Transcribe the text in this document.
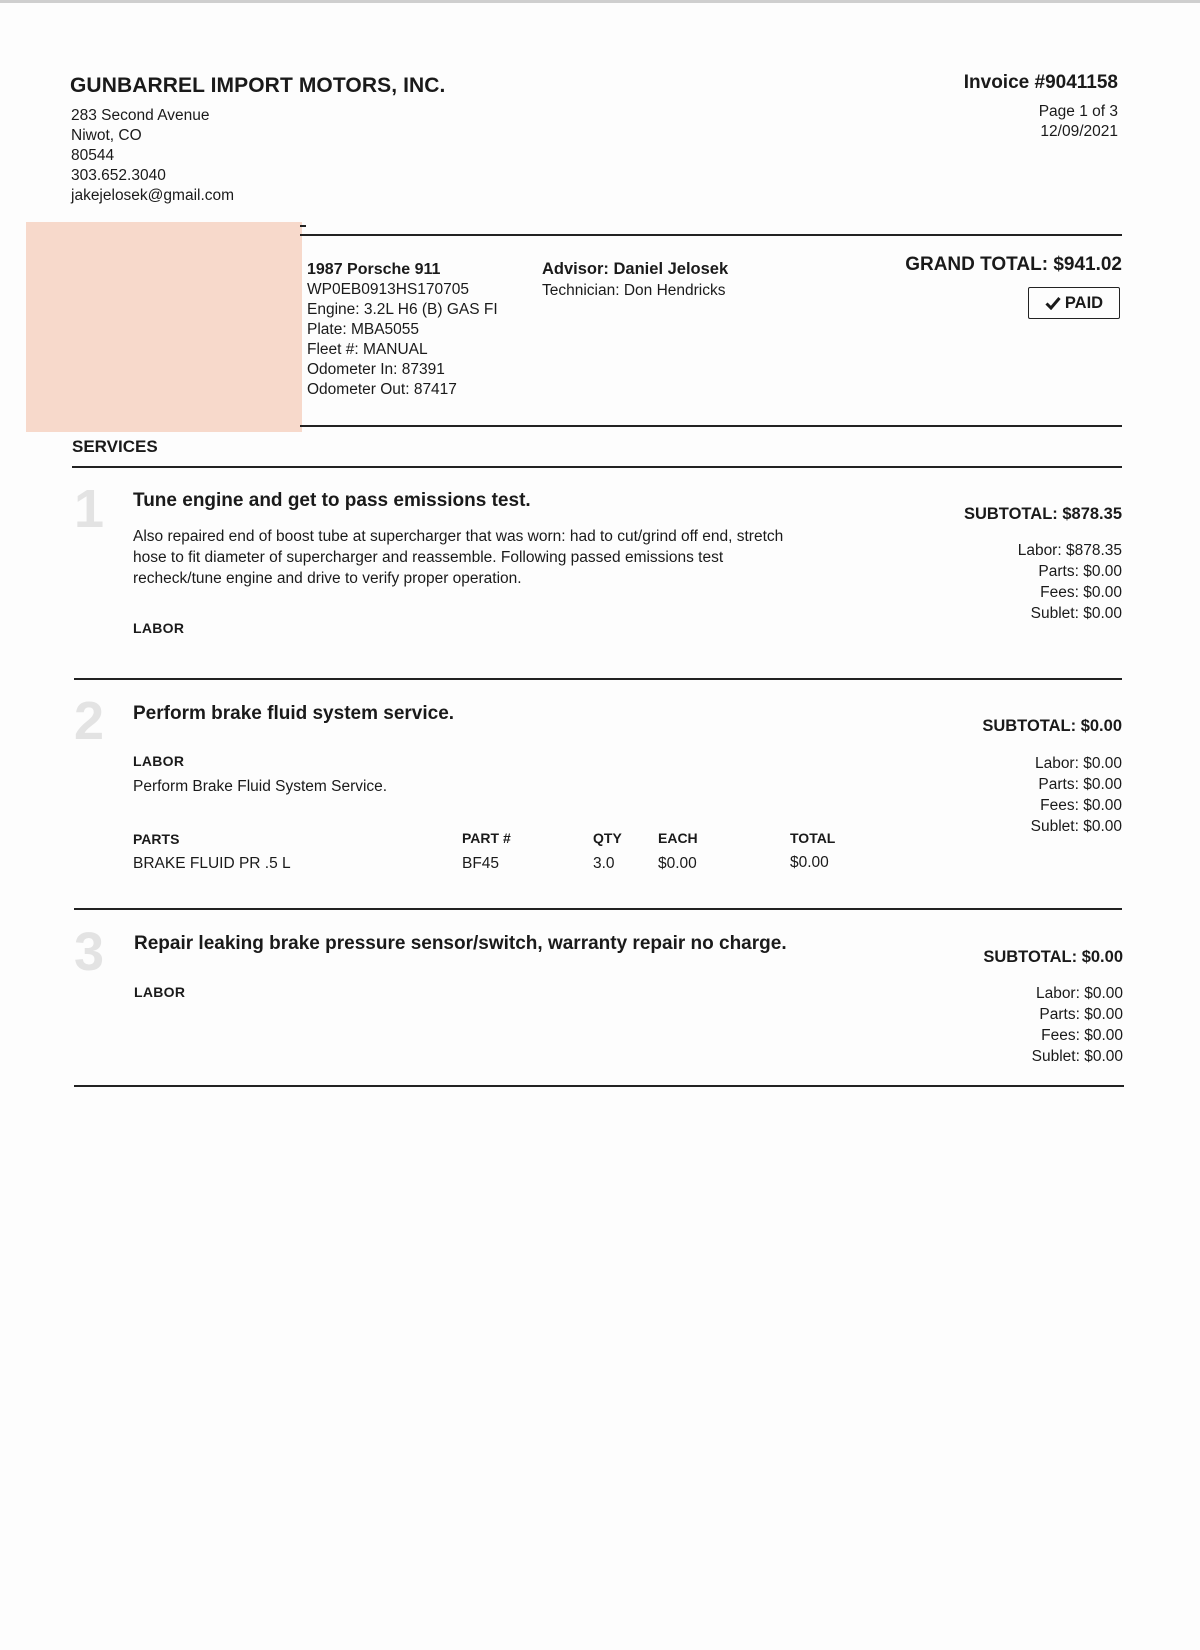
GUNBARREL IMPORT MOTORS, INC.
283 Second Avenue
Niwot, CO
80544
303.652.3040
jakejelosek@gmail.com
Invoice #9041158
Page 1 of 3
12/09/2021
1987 Porsche 911
WP0EB0913HS170705
Engine: 3.2L H6 (B) GAS FI
Plate: MBA5055
Fleet #: MANUAL
Odometer In: 87391
Odometer Out: 87417
Advisor: Daniel Jelosek
Technician: Don Hendricks
GRAND TOTAL: $941.02
PAID
SERVICES
1 Tune engine and get to pass emissions test.
Also repaired end of boost tube at supercharger that was worn: had to cut/grind off end, stretch
hose to fit diameter of supercharger and reassemble. Following passed emissions test
recheck/tune engine and drive to verify proper operation.
LABOR
SUBTOTAL: $878.35
Labor: $878.35
Parts: $0.00
Fees: $0.00
Sublet: $0.00
2 Perform brake fluid system service.
LABOR
Perform Brake Fluid System Service.
PARTS	PART #	QTY	EACH	TOTAL
BRAKE FLUID PR .5 L	BF45	3.0	$0.00	$0.00
SUBTOTAL: $0.00
Labor: $0.00
Parts: $0.00
Fees: $0.00
Sublet: $0.00
3 Repair leaking brake pressure sensor/switch, warranty repair no charge.
LABOR
SUBTOTAL: $0.00
Labor: $0.00
Parts: $0.00
Fees: $0.00
Sublet: $0.00
